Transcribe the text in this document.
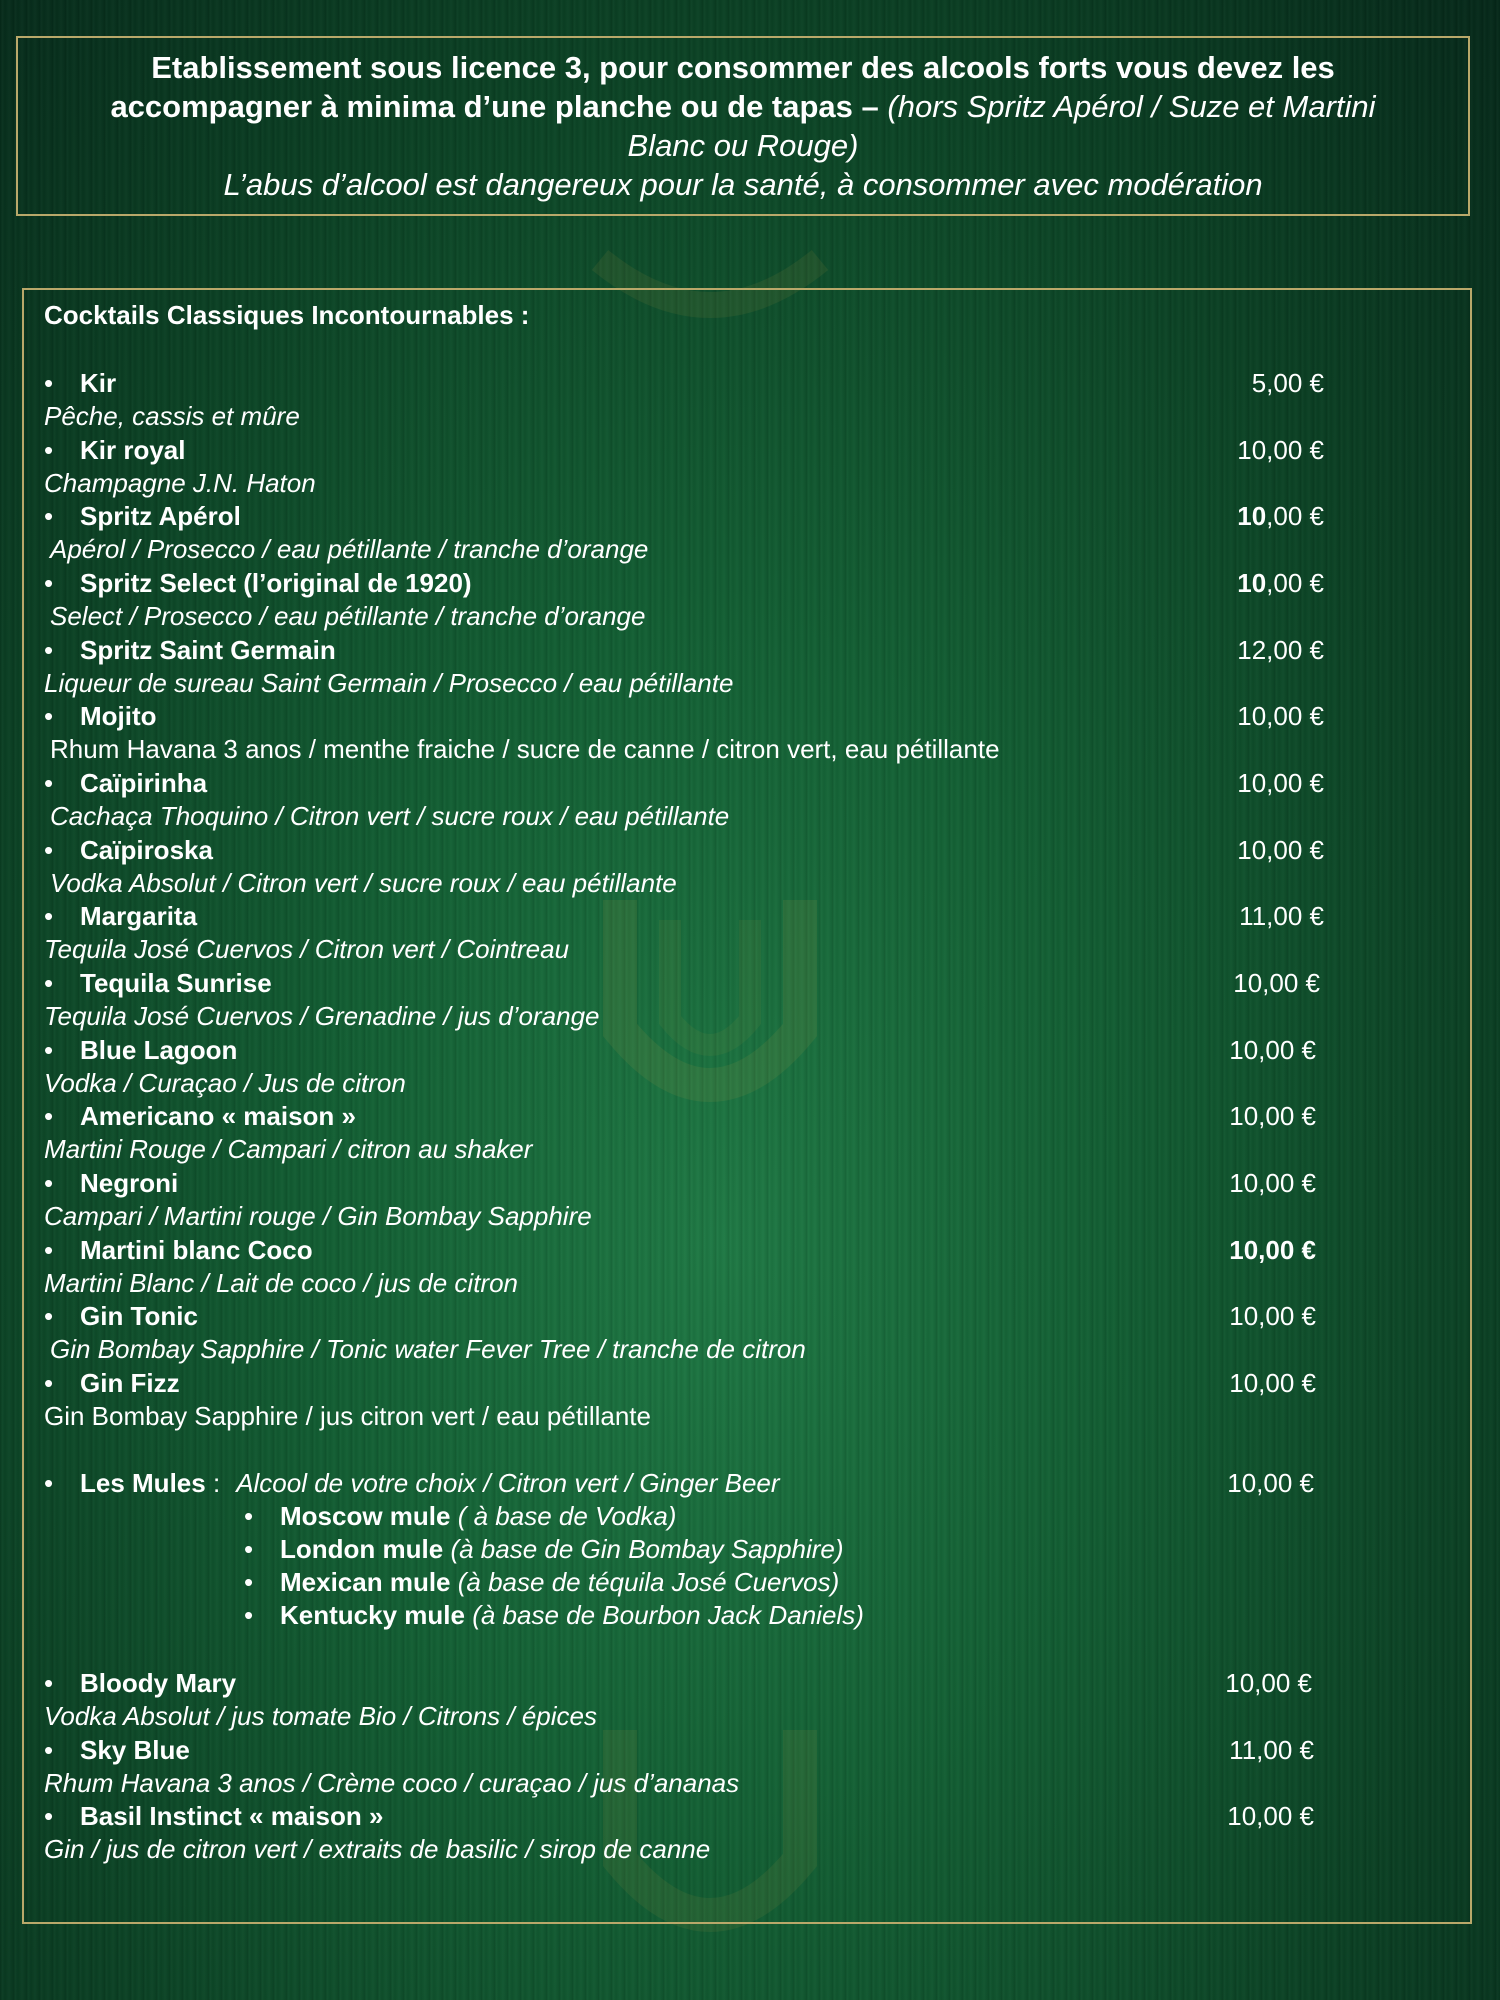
Etablissement sous licence 3, pour consommer des alcools forts vous devez les
accompagner à minima d’une planche ou de tapas – (hors Spritz Apérol / Suze et Martini
Blanc ou Rouge)
L’abus d’alcool est dangereux pour la santé, à consommer avec modération
Cocktails Classiques Incontournables :
• Kir	5,00 €
Pêche, cassis et mûre
• Kir royal	10,00 €
Champagne J.N. Haton
• Spritz Apérol	10,00 €
Apérol / Prosecco / eau pétillante / tranche d’orange
• Spritz Select (l’original de 1920)	10,00 €
Select / Prosecco / eau pétillante / tranche d’orange
• Spritz Saint Germain	12,00 €
Liqueur de sureau Saint Germain / Prosecco / eau pétillante
• Mojito	10,00 €
Rhum Havana 3 anos / menthe fraiche / sucre de canne / citron vert, eau pétillante
• Caïpirinha	10,00 €
Cachaça Thoquino / Citron vert / sucre roux / eau pétillante
• Caïpiroska	10,00 €
Vodka Absolut / Citron vert / sucre roux / eau pétillante
• Margarita	11,00 €
Tequila José Cuervos / Citron vert / Cointreau
• Tequila Sunrise	10,00 €
Tequila José Cuervos / Grenadine / jus d’orange
• Blue Lagoon	10,00 €
Vodka / Curaçao / Jus de citron
• Americano « maison »	10,00 €
Martini Rouge / Campari / citron au shaker
• Negroni	10,00 €
Campari / Martini rouge / Gin Bombay Sapphire
• Martini blanc Coco	10,00 €
Martini Blanc / Lait de coco / jus de citron
• Gin Tonic	10,00 €
Gin Bombay Sapphire / Tonic water Fever Tree / tranche de citron
• Gin Fizz	10,00 €
Gin Bombay Sapphire / jus citron vert / eau pétillante
• Les Mules : Alcool de votre choix / Citron vert / Ginger Beer	10,00 €
• Moscow mule ( à base de Vodka)
• London mule (à base de Gin Bombay Sapphire)
• Mexican mule (à base de téquila José Cuervos)
• Kentucky mule (à base de Bourbon Jack Daniels)
• Bloody Mary	10,00 €
Vodka Absolut / jus tomate Bio / Citrons / épices
• Sky Blue	11,00 €
Rhum Havana 3 anos / Crème coco / curaçao / jus d’ananas
• Basil Instinct « maison »	10,00 €
Gin / jus de citron vert / extraits de basilic / sirop de canne
